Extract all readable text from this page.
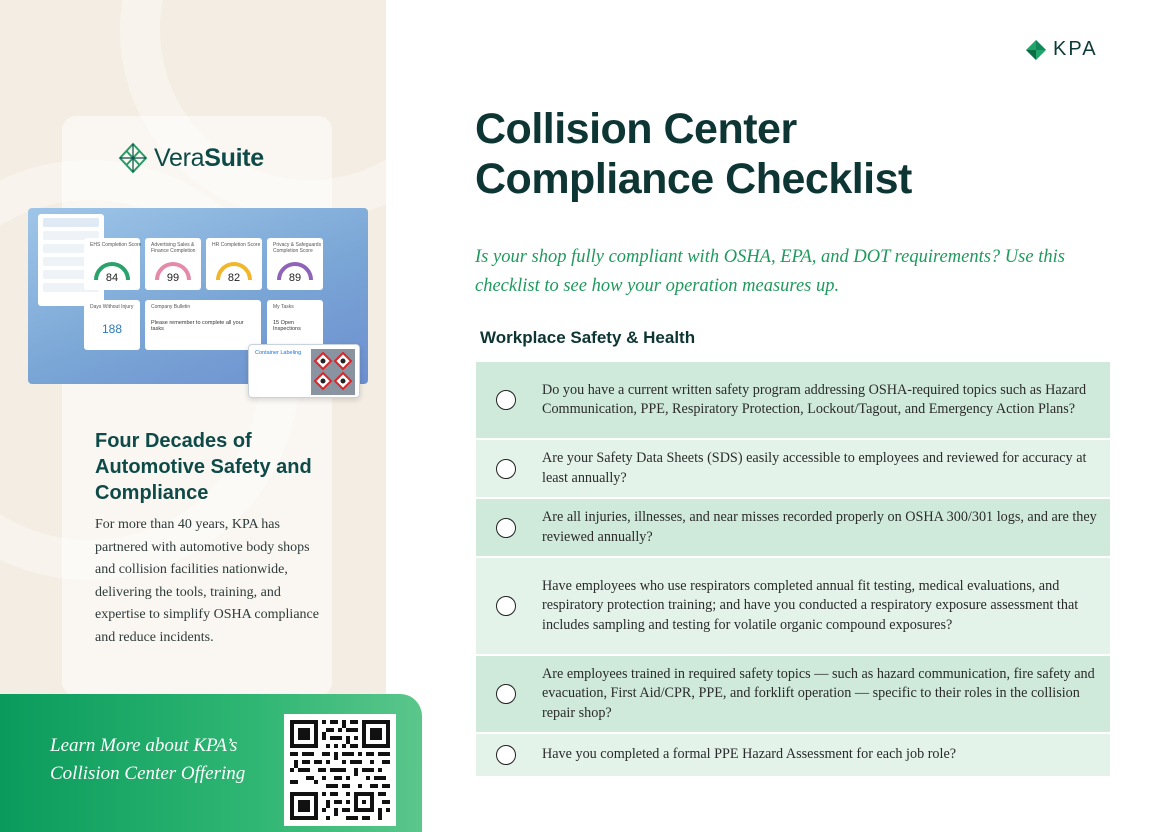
VeraSuite
EHS Completion Score
84
Advertising Sales & Finance Completion
99
HR Completion Score
82
Privacy & Safeguards Completion Score
89
Days Without Injury
188
Company Bulletin
Please remember to complete all your tasks
My Tasks
15 Open Inspections
Container Labeling
Four Decades of Automotive Safety and Compliance

For more than 40 years, KPA has partnered with automotive body shops and collision facilities nationwide, delivering the tools, training, and expertise to simplify OSHA compliance and reduce incidents.

Learn More about KPA’s Collision Center Offering
KPA
Collision Center
Compliance Checklist

Is your shop fully compliant with OSHA, EPA, and DOT requirements? Use this checklist to see how your operation measures up.

Workplace Safety & Health
Do you have a current written safety program addressing OSHA-required topics such as Hazard Communication, PPE, Respiratory Protection, Lockout/Tagout, and Emergency Action Plans?
Are your Safety Data Sheets (SDS) easily accessible to employees and reviewed for accuracy at least annually?
Are all injuries, illnesses, and near misses recorded properly on OSHA 300/301 logs, and are they reviewed annually?
Have employees who use respirators completed annual fit testing, medical evaluations, and respiratory protection training; and have you conducted a respiratory exposure assessment that includes sampling and testing for volatile organic compound exposures?
Are employees trained in required safety topics — such as hazard communication, fire safety and evacuation, First Aid/CPR, PPE, and forklift operation — specific to their roles in the collision repair shop?
Have you completed a formal PPE Hazard Assessment for each job role?
